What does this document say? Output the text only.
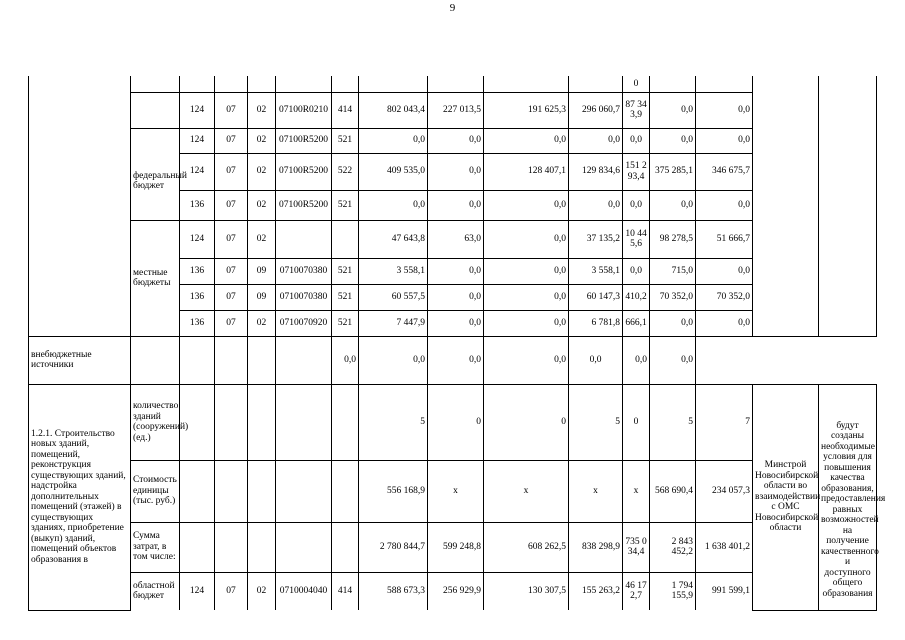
9
											0				
		124	07	02	07100R0210	414	802 043,4	227 013,5	191 625,3	296 060,7	87 343,9	0,0	0,0		
	федеральный бюджет	124	07	02	07100R5200	521	0,0	0,0	0,0	0,0	0,0	0,0	0,0		
		124	07	02	07100R5200	522	409 535,0	0,0	128 407,1	129 834,6	151 293,4	375 285,1	346 675,7		
		136	07	02	07100R5200	521	0,0	0,0	0,0	0,0	0,0	0,0	0,0		
	местные бюджеты	124	07	02			47 643,8	63,0	0,0	37 135,2	10 445,6	98 278,5	51 666,7		
		136	07	09	0710070380	521	3 558,1	0,0	0,0	3 558,1	0,0	715,0	0,0		
		136	07	09	0710070380	521	60 557,5	0,0	0,0	60 147,3	410,2	70 352,0	70 352,0		
		136	07	02	0710070920	521	7 447,9	0,0	0,0	6 781,8	666,1	0,0	0,0		
внебюджетные источники						0,0	0,0	0,0	0,0	0,0	0,0	0,0			
1.2.1. Строительство новых зданий, помещений, реконструкция существующих зданий, надстройка дополнительных помещений (этажей) в существующих зданиях, приобретение (выкуп) зданий, помещений объектов образования в	количество зданий (сооружений) (ед.)						5	0	0	5	0	5	7	Минстрой Новосибирской области во взаимодействии с ОМС Новосибирской области	будут созданы необходимые условия для повышения качества образования, предоставления равных возможностей на получение качественного и доступного общего образования
	Стоимость единицы (тыс. руб.)						556 168,9	x	x	x	x	568 690,4	234 057,3		
	Сумма затрат, в том числе:						2 780 844,7	599 248,8	608 262,5	838 298,9	735 034,4	2 843 452,2	1 638 401,2		
	областной бюджет	124	07	02	0710004040	414	588 673,3	256 929,9	130 307,5	155 263,2	46 172,7	1 794 155,9	991 599,1		
